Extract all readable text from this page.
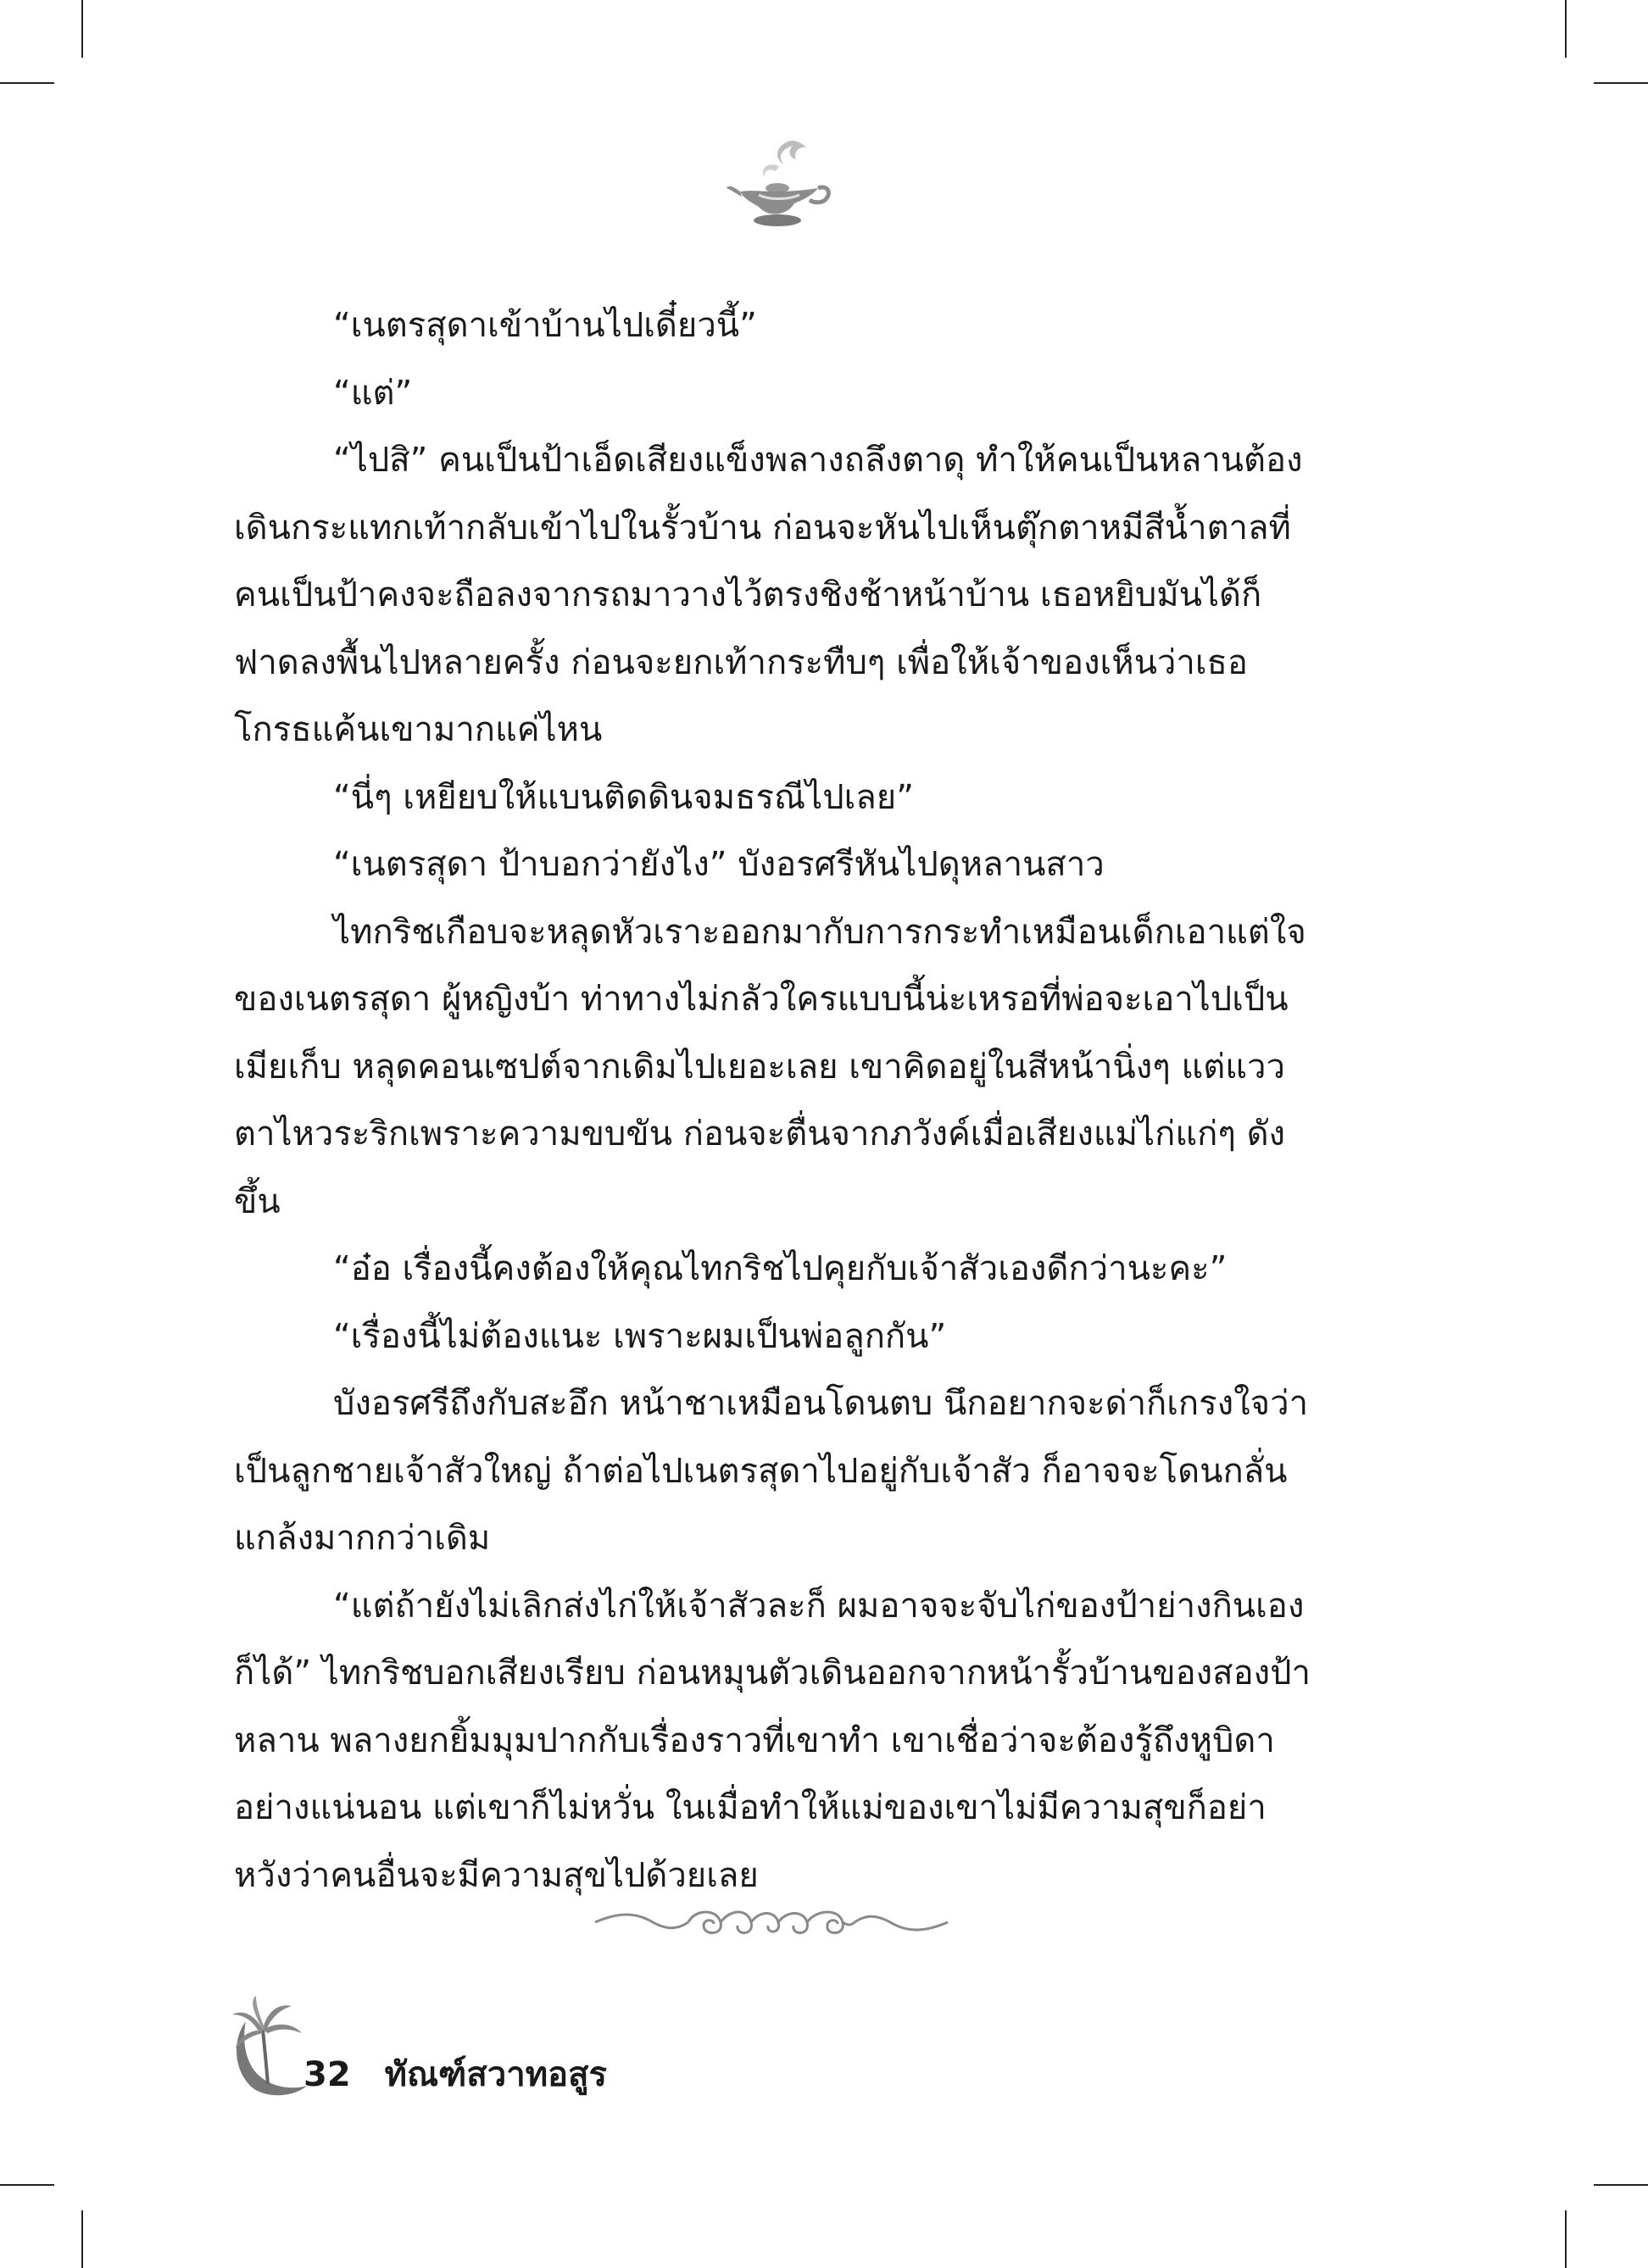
“เนตรสุดาเข้าบ้านไปเดี๋ยวนี้”

“แต่”

“ไปสิ” คนเป็นป้าเอ็ดเสียงแข็งพลางถลึงตาดุ ทำให้คนเป็นหลานต้องเดินกระแทกเท้ากลับเข้าไปในรั้วบ้าน ก่อนจะหันไปเห็นตุ๊กตาหมีสีน้ำตาลที่คนเป็นป้าคงจะถือลงจากรถมาวางไว้ตรงชิงช้าหน้าบ้าน เธอหยิบมันได้ก็ฟาดลงพื้นไปหลายครั้ง ก่อนจะยกเท้ากระทืบๆ เพื่อให้เจ้าของเห็นว่าเธอโกรธแค้นเขามากแค่ไหน

“นี่ๆ เหยียบให้แบนติดดินจมธรณีไปเลย”

“เนตรสุดา ป้าบอกว่ายังไง” บังอรศรีหันไปดุหลานสาว

ไทกริชเกือบจะหลุดหัวเราะออกมากับการกระทำเหมือนเด็กเอาแต่ใจของเนตรสุดา ผู้หญิงบ้า ท่าทางไม่กลัวใครแบบนี้น่ะเหรอที่พ่อจะเอาไปเป็นเมียเก็บ หลุดคอนเซปต์จากเดิมไปเยอะเลย เขาคิดอยู่ในสีหน้านิ่งๆ แต่แววตาไหวระริกเพราะความขบขัน ก่อนจะตื่นจากภวังค์เมื่อเสียงแม่ไก่แก่ๆ ดังขึ้น

“อ๋อ เรื่องนี้คงต้องให้คุณไทกริชไปคุยกับเจ้าสัวเองดีกว่านะคะ”

“เรื่องนี้ไม่ต้องแนะ เพราะผมเป็นพ่อลูกกัน”

บังอรศรีถึงกับสะอึก หน้าชาเหมือนโดนตบ นึกอยากจะด่าก็เกรงใจว่าเป็นลูกชายเจ้าสัวใหญ่ ถ้าต่อไปเนตรสุดาไปอยู่กับเจ้าสัว ก็อาจจะโดนกลั่นแกล้งมากกว่าเดิม

“แต่ถ้ายังไม่เลิกส่งไก่ให้เจ้าสัวละก็ ผมอาจจะจับไก่ของป้าย่างกินเองก็ได้” ไทกริชบอกเสียงเรียบ ก่อนหมุนตัวเดินออกจากหน้ารั้วบ้านของสองป้าหลาน พลางยกยิ้มมุมปากกับเรื่องราวที่เขาทำ เขาเชื่อว่าจะต้องรู้ถึงหูบิดาอย่างแน่นอน แต่เขาก็ไม่หวั่น ในเมื่อทำให้แม่ของเขาไม่มีความสุขก็อย่าหวังว่าคนอื่นจะมีความสุขไปด้วยเลย

32 ทัณฑ์สวาทอสูร
